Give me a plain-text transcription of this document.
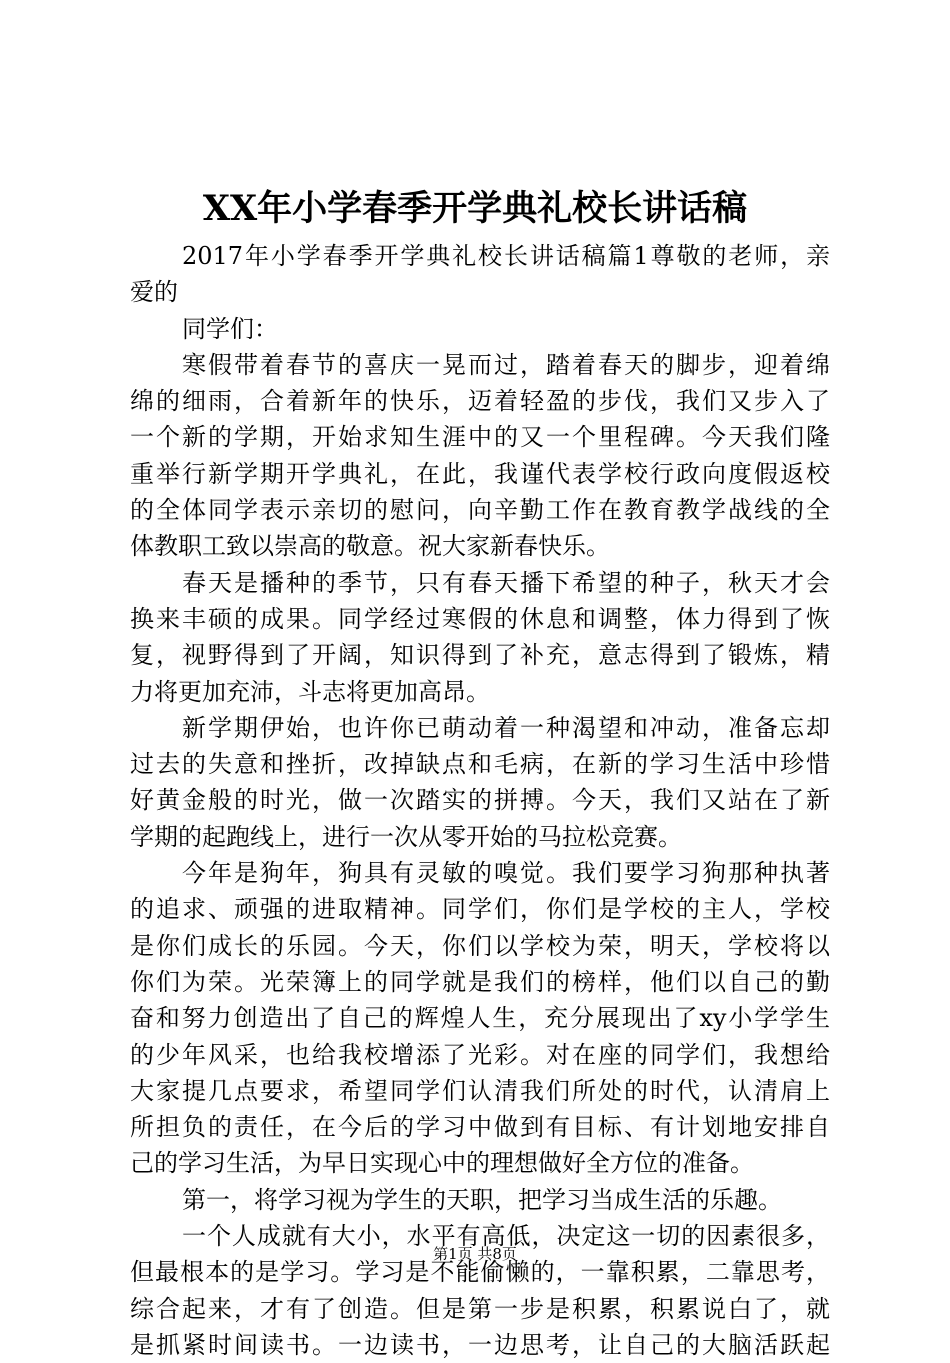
XX年小学春季开学典礼校长讲话稿
2017年小学春季开学典礼校长讲话稿篇1尊敬的老师，亲
爱的
同学们：
寒假带着春节的喜庆一晃而过，踏着春天的脚步，迎着绵
绵的细雨，合着新年的快乐，迈着轻盈的步伐，我们又步入了
一个新的学期，开始求知生涯中的又一个里程碑。今天我们隆
重举行新学期开学典礼，在此，我谨代表学校行政向度假返校
的全体同学表示亲切的慰问，向辛勤工作在教育教学战线的全
体教职工致以崇高的敬意。祝大家新春快乐。
春天是播种的季节，只有春天播下希望的种子，秋天才会
换来丰硕的成果。同学经过寒假的休息和调整，体力得到了恢
复，视野得到了开阔，知识得到了补充，意志得到了锻炼，精
力将更加充沛，斗志将更加高昂。
新学期伊始，也许你已萌动着一种渴望和冲动，准备忘却
过去的失意和挫折，改掉缺点和毛病，在新的学习生活中珍惜
好黄金般的时光，做一次踏实的拼搏。今天，我们又站在了新
学期的起跑线上，进行一次从零开始的马拉松竞赛。
今年是狗年，狗具有灵敏的嗅觉。我们要学习狗那种执著
的追求、顽强的进取精神。同学们，你们是学校的主人，学校
是你们成长的乐园。今天，你们以学校为荣，明天，学校将以
你们为荣。光荣簿上的同学就是我们的榜样，他们以自己的勤
奋和努力创造出了自己的辉煌人生，充分展现出了xy小学学生
的少年风采，也给我校增添了光彩。对在座的同学们，我想给
大家提几点要求，希望同学们认清我们所处的时代，认清肩上
所担负的责任，在今后的学习中做到有目标、有计划地安排自
己的学习生活，为早日实现心中的理想做好全方位的准备。
第一，将学习视为学生的天职，把学习当成生活的乐趣。
一个人成就有大小，水平有高低，决定这一切的因素很多，
但最根本的是学习。学习是不能偷懒的，一靠积累，二靠思考，
综合起来，才有了创造。但是第一步是积累，积累说白了，就
是抓紧时间读书。一边读书，一边思考，让自己的大脑活跃起
第1页 共8页
